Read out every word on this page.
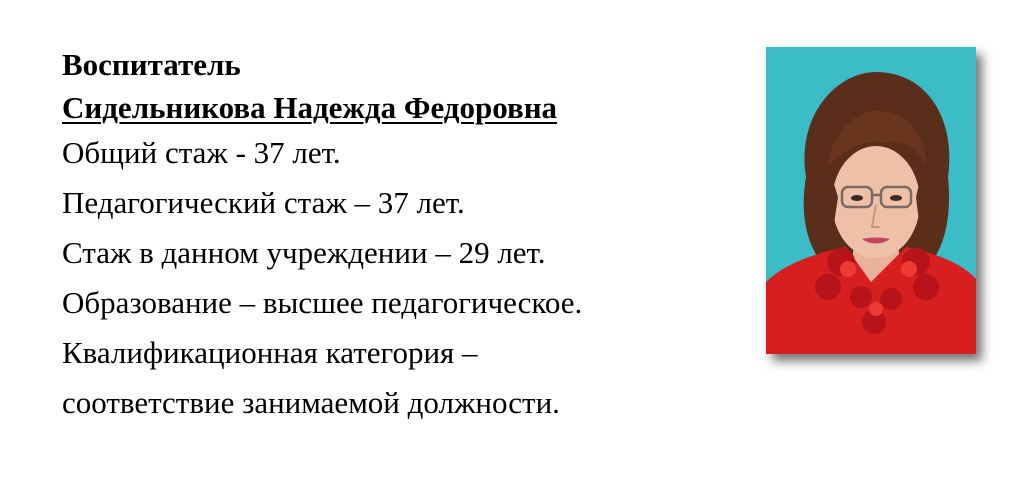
Воспитатель

Сидельникова Надежда Федоровна

Общий стаж - 37 лет.

Педагогический стаж – 37 лет.

Стаж в данном учреждении – 29 лет.

Образование – высшее педагогическое.

Квалификационная категория –

соответствие занимаемой должности.
